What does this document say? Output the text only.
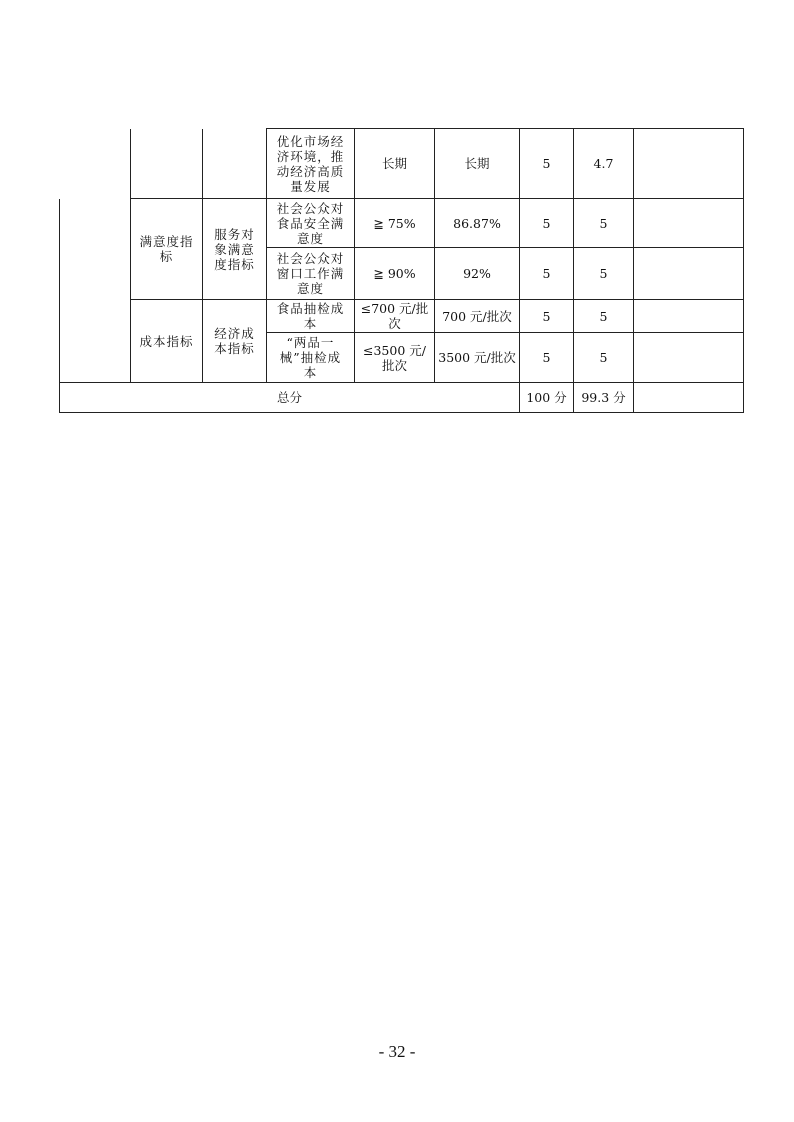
			优化市场经济环境，推动经济高质量发展	长期	长期	5	4.7	
	满意度指标	服务对象满意度指标	社会公众对食品安全满意度	≧ 75%	86.87%	5	5	
			社会公众对窗口工作满意度	≧ 90%	92%	5	5	
	成本指标	经济成本指标	食品抽检成本	≤700 元/批次	700 元/批次	5	5	
			“两品一械”抽检成本	≤3500 元/批次	3500 元/批次	5	5	
总分						100 分	99.3 分	
- 32 -
